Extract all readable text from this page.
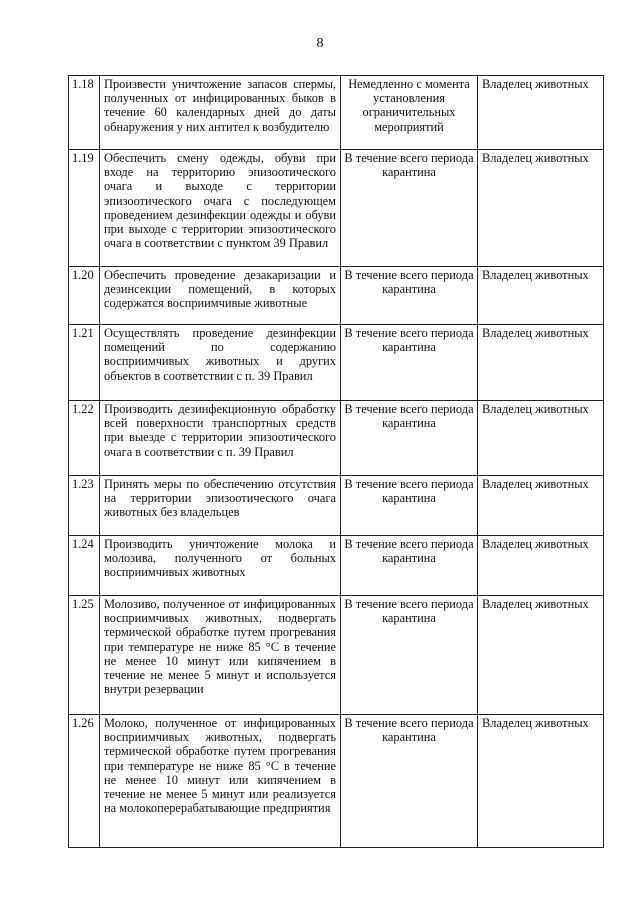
8
1.18	Произвести уничтожение запасов спермы, полученных от инфицированных быков в течение 60 календарных дней до даты обнаружения у них антител к возбудителю	Немедленно с момента установления ограничительных мероприятий	Владелец животных
1.19	Обеспечить смену одежды, обуви при входе на территорию эпизоотического очага и выходе с территории эпизоотического очага с последующем проведением дезинфекции одежды и обуви при выходе с территории эпизоотического очага в соответствии с пунктом 39 Правил	В течение всего периода карантина	Владелец животных
1.20	Обеспечить проведение дезакаризации и дезинсекции помещений, в которых содержатся восприимчивые животные	В течение всего периода карантина	Владелец животных
1.21	Осуществлять проведение дезинфекции помещений по содержанию восприимчивых животных и других объектов в соответствии с п. 39 Правил	В течение всего периода карантина	Владелец животных
1.22	Производить дезинфекционную обработку всей поверхности транспортных средств при выезде с территории эпизоотического очага в соответствии с п. 39 Правил	В течение всего периода карантина	Владелец животных
1.23	Принять меры по обеспечению отсутствия на территории эпизоотического очага животных без владельцев	В течение всего периода карантина	Владелец животных
1.24	Производить уничтожение молока и молозива, полученного от больных восприимчивых животных	В течение всего периода карантина	Владелец животных
1.25	Молозиво, полученное от инфицированных восприимчивых животных, подвергать термической обработке путем прогревания при температуре не ниже 85 °С в течение не менее 10 минут или кипячением в течение не менее 5 минут и используется внутри резервации	В течение всего периода карантина	Владелец животных
1.26	Молоко, полученное от инфицированных восприимчивых животных, подвергать термической обработке путем прогревания при температуре не ниже 85 °С в течение не менее 10 минут или кипячением в течение не менее 5 минут или реализуется на молокоперерабатывающие предприятия	В течение всего периода карантина	Владелец животных
